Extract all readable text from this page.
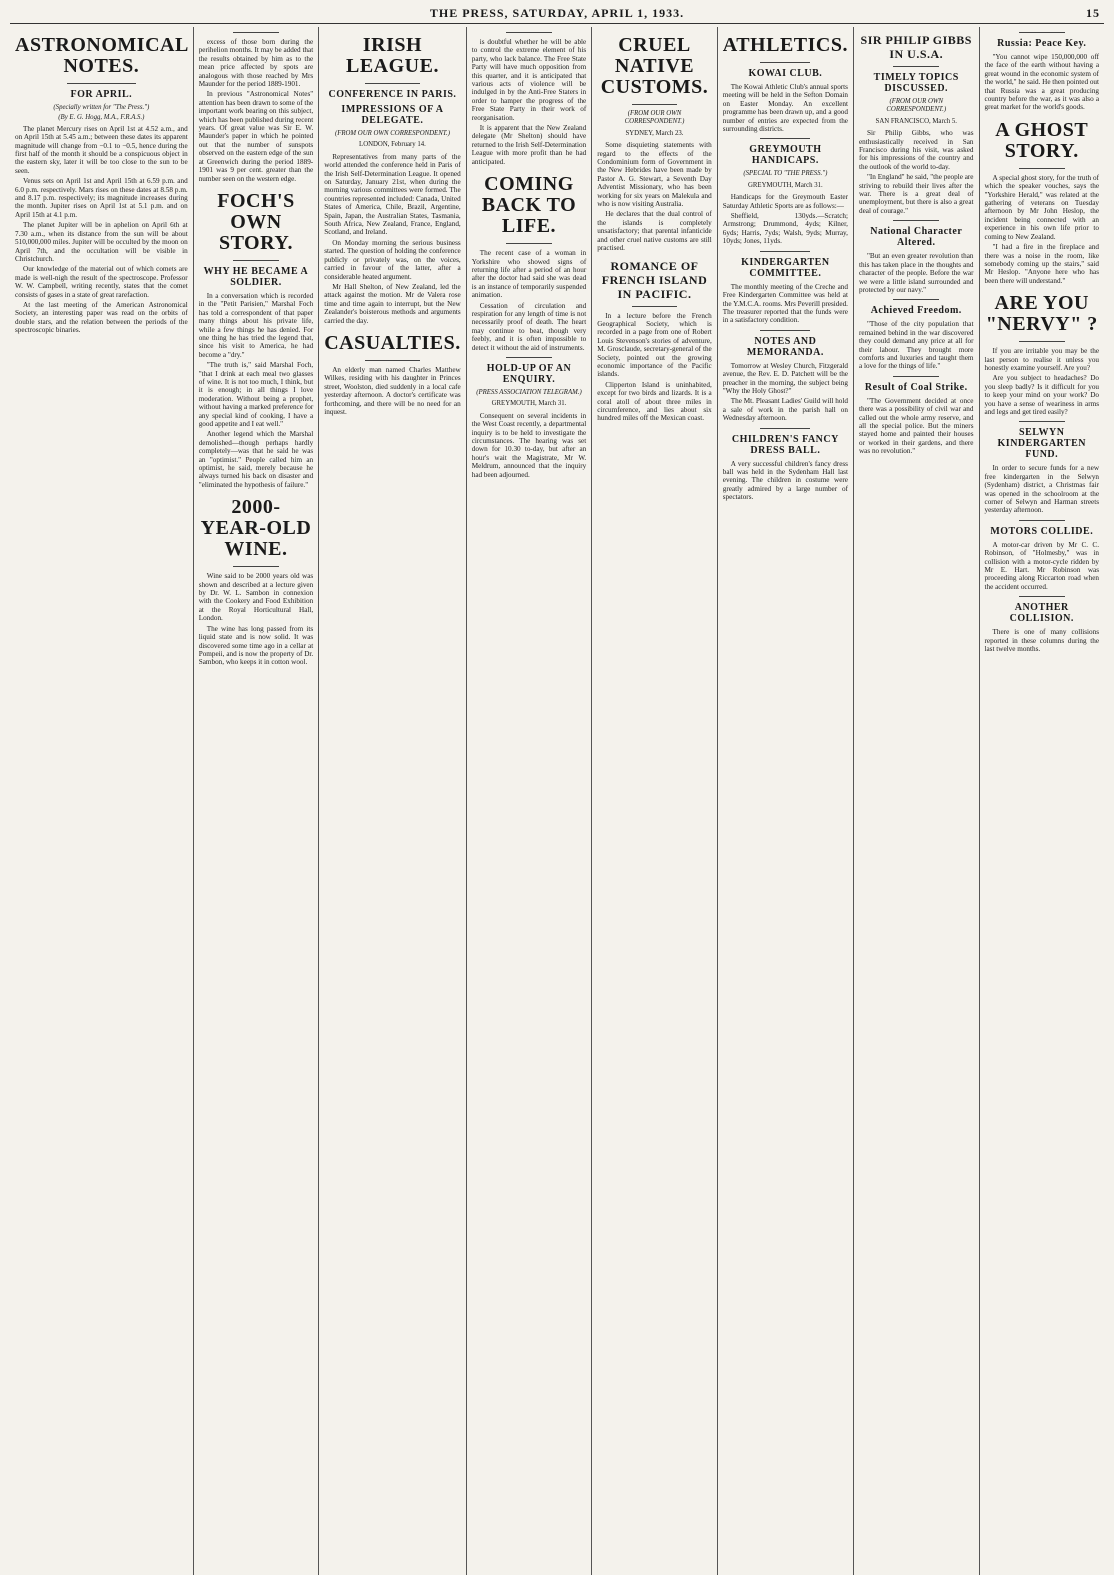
THE PRESS, SATURDAY, APRIL 1, 1933.	15
ASTRONOMICAL NOTES.
FOR APRIL.
(Specially written for "The Press.")
(By E. G. Hogg, M.A., F.R.A.S.)

The planet Mercury rises on April 1st at 4.52 a.m., and on April 15th at 5.45 a.m.; between these dates its apparent magnitude will change from −0.1 to −0.5, hence during the first half of the month it should be a conspicuous object in the eastern sky, later it will be too close to the sun to be seen.

Venus sets on April 1st and April 15th at 6.59 p.m. and 6.0 p.m. respectively. Mars rises on these dates at 8.58 p.m. and 8.17 p.m. respectively; its magnitude increases during the month. Jupiter rises on April 1st at 5.1 p.m. and on April 15th at 4.1 p.m.

The planet Jupiter will be in aphelion on April 6th at 7.30 a.m., when its distance from the sun will be about 510,000,000 miles. Jupiter will be occulted by the moon on April 7th, and the occultation will be visible in Christchurch.

Our knowledge of the material out of which comets are made is well-nigh the result of the spectroscope. Professor W. W. Campbell, writing recently, states that the comet consists of gases in a state of great rarefaction.

At the last meeting of the American Astronomical Society, an interesting paper was read on the orbits of double stars, and the relation between the periods of the spectroscopic binaries.

excess of those born during the perihelion months. It may be added that the results obtained by him as to the mean price affected by spots are analogous with those reached by Mrs Maunder for the period 1889-1901.

In previous "Astronomical Notes" attention has been drawn to some of the important work bearing on this subject, which has been published during recent years. Of great value was Sir E. W. Maunder's paper in which he pointed out that the number of sunspots observed on the eastern edge of the sun at Greenwich during the period 1889-1901 was 9 per cent. greater than the number seen on the western edge.

FOCH'S OWN STORY.
WHY HE BECAME A SOLDIER.

In a conversation which is recorded in the "Petit Parisien," Marshal Foch has told a correspondent of that paper many things about his private life, while a few things he has denied. For one thing he has tried the legend that, since his visit to America, he had become a "dry."

"The truth is," said Marshal Foch, "that I drink at each meal two glasses of wine. It is not too much, I think, but it is enough; in all things I love moderation. Without being a prophet, without having a marked preference for any special kind of cooking, I have a good appetite and I eat well."

Another legend which the Marshal demolished—though perhaps hardly completely—was that he said he was an "optimist." People called him an optimist, he said, merely because he always turned his back on disaster and "eliminated the hypothesis of failure."

2000-YEAR-OLD WINE.

Wine said to be 2000 years old was shown and described at a lecture given by Dr. W. L. Sambon in connexion with the Cookery and Food Exhibition at the Royal Horticultural Hall, London.

The wine has long passed from its liquid state and is now solid. It was discovered some time ago in a cellar at Pompeii, and is now the property of Dr. Sambon, who keeps it in cotton wool.

IRISH LEAGUE.
CONFERENCE IN PARIS.
IMPRESSIONS OF A DELEGATE.
(FROM OUR OWN CORRESPONDENT.)
LONDON, February 14.

Representatives from many parts of the world attended the conference held in Paris of the Irish Self-Determination League. It opened on Saturday, January 21st, when during the morning various committees were formed. The countries represented included: Canada, United States of America, Chile, Brazil, Argentine, Spain, Japan, the Australian States, Tasmania, South Africa, New Zealand, France, England, Scotland, and Ireland.

On Monday morning the serious business started. The question of holding the conference publicly or privately was, on the voices, carried in favour of the latter, after a considerable heated argument.

Mr Hall Shelton, of New Zealand, led the attack against the motion. Mr de Valera rose time and time again to interrupt, but the New Zealander's boisterous methods and arguments carried the day.

CASUALTIES.

An elderly man named Charles Matthew Wilkes, residing with his daughter in Princes street, Woolston, died suddenly in a local cafe yesterday afternoon. A doctor's certificate was forthcoming, and there will be no need for an inquest.

is doubtful whether he will be able to control the extreme element of his party, who lack balance. The Free State Party will have much opposition from this quarter, and it is anticipated that various acts of violence will be indulged in by the Anti-Free Staters in order to hamper the progress of the Free State Party in their work of reorganisation.

It is apparent that the New Zealand delegate (Mr Shelton) should have returned to the Irish Self-Determination League with more profit than he had anticipated.

COMING BACK TO LIFE.

The recent case of a woman in Yorkshire who showed signs of returning life after a period of an hour after the doctor had said she was dead is an instance of temporarily suspended animation.

Cessation of circulation and respiration for any length of time is not necessarily proof of death. The heart may continue to beat, though very feebly, and it is often impossible to detect it without the aid of instruments.

HOLD-UP OF AN ENQUIRY.
(PRESS ASSOCIATION TELEGRAM.)
GREYMOUTH, March 31.

Consequent on several incidents in the West Coast recently, a departmental inquiry is to be held to investigate the circumstances. The hearing was set down for 10.30 to-day, but after an hour's wait the Magistrate, Mr W. Meldrum, announced that the inquiry had been adjourned.

CRUEL NATIVE CUSTOMS.
(FROM OUR OWN CORRESPONDENT.)
SYDNEY, March 23.

Some disquieting statements with regard to the effects of the Condominium form of Government in the New Hebrides have been made by Pastor A. G. Stewart, a Seventh Day Adventist Missionary, who has been working for six years on Malekula and who is now visiting Australia.

He declares that the dual control of the islands is completely unsatisfactory; that parental infanticide and other cruel native customs are still practised.

ROMANCE OF FRENCH ISLAND IN PACIFIC.

In a lecture before the French Geographical Society, which is recorded in a page from one of Robert Louis Stevenson's stories of adventure, M. Grosclaude, secretary-general of the Society, pointed out the growing economic importance of the Pacific islands.

Clipperton Island is uninhabited, except for two birds and lizards. It is a coral atoll of about three miles in circumference, and lies about six hundred miles off the Mexican coast.

ATHLETICS.
KOWAI CLUB.

The Kowai Athletic Club's annual sports meeting will be held in the Sefton Domain on Easter Monday. An excellent programme has been drawn up, and a good number of entries are expected from the surrounding districts.

GREYMOUTH HANDICAPS.
(SPECIAL TO "THE PRESS.")
GREYMOUTH, March 31.

Handicaps for the Greymouth Easter Saturday Athletic Sports are as follows:—

Sheffield, 130yds.—Scratch; Armstrong; Drummond, 4yds; Kilner, 6yds; Harris, 7yds; Walsh, 9yds; Murray, 10yds; Jones, 11yds.

KINDERGARTEN COMMITTEE.

The monthly meeting of the Creche and Free Kindergarten Committee was held at the Y.M.C.A. rooms. Mrs Peverill presided. The treasurer reported that the funds were in a satisfactory condition.

NOTES AND MEMORANDA.

Tomorrow at Wesley Church, Fitzgerald avenue, the Rev. E. D. Patchett will be the preacher in the morning, the subject being "Why the Holy Ghost?"

The Mt. Pleasant Ladies' Guild will hold a sale of work in the parish hall on Wednesday afternoon.

CHILDREN'S FANCY DRESS BALL.

A very successful children's fancy dress ball was held in the Sydenham Hall last evening. The children in costume were greatly admired by a large number of spectators.

SIR PHILIP GIBBS IN U.S.A.
TIMELY TOPICS DISCUSSED.
(FROM OUR OWN CORRESPONDENT.)
SAN FRANCISCO, March 5.

Sir Philip Gibbs, who was enthusiastically received in San Francisco during his visit, was asked for his impressions of the country and the outlook of the world to-day.

"In England" he said, "the people are striving to rebuild their lives after the war. There is a great deal of unemployment, but there is also a great deal of courage."

National Character Altered.

"But an even greater revolution than this has taken place in the thoughts and character of the people. Before the war we were a little island surrounded and protected by our navy."

Achieved Freedom.

"Those of the city population that remained behind in the war discovered they could demand any price at all for their labour. They brought more comforts and luxuries and taught them a love for the things of life."

Result of Coal Strike.

"The Government decided at once there was a possibility of civil war and called out the whole army reserve, and all the special police. But the miners stayed home and painted their houses or worked in their gardens, and there was no revolution."

Russia: Peace Key.

"You cannot wipe 150,000,000 off the face of the earth without having a great wound in the economic system of the world," he said. He then pointed out that Russia was a great producing country before the war, as it was also a great market for the world's goods.

A GHOST STORY.

A special ghost story, for the truth of which the speaker vouches, says the "Yorkshire Herald," was related at the gathering of veterans on Tuesday afternoon by Mr John Heslop, the incident being connected with an experience in his own life prior to coming to New Zealand.

"I had a fire in the fireplace and there was a noise in the room, like somebody coming up the stairs," said Mr Heslop. "Anyone here who has been there will understand."

ARE YOU "NERVY" ?

If you are irritable you may be the last person to realise it unless you honestly examine yourself. Are you?

Are you subject to headaches? Do you sleep badly? Is it difficult for you to keep your mind on your work? Do you have a sense of weariness in arms and legs and get tired easily?

SELWYN KINDERGARTEN FUND.

In order to secure funds for a new free kindergarten in the Selwyn (Sydenham) district, a Christmas fair was opened in the schoolroom at the corner of Selwyn and Harman streets yesterday afternoon.

MOTORS COLLIDE.

A motor-car driven by Mr C. C. Robinson, of "Holmesby," was in collision with a motor-cycle ridden by Mr E. Hart. Mr Robinson was proceeding along Riccarton road when the accident occurred.

ANOTHER COLLISION.

There is one of many collisions reported in these columns during the last twelve months.
